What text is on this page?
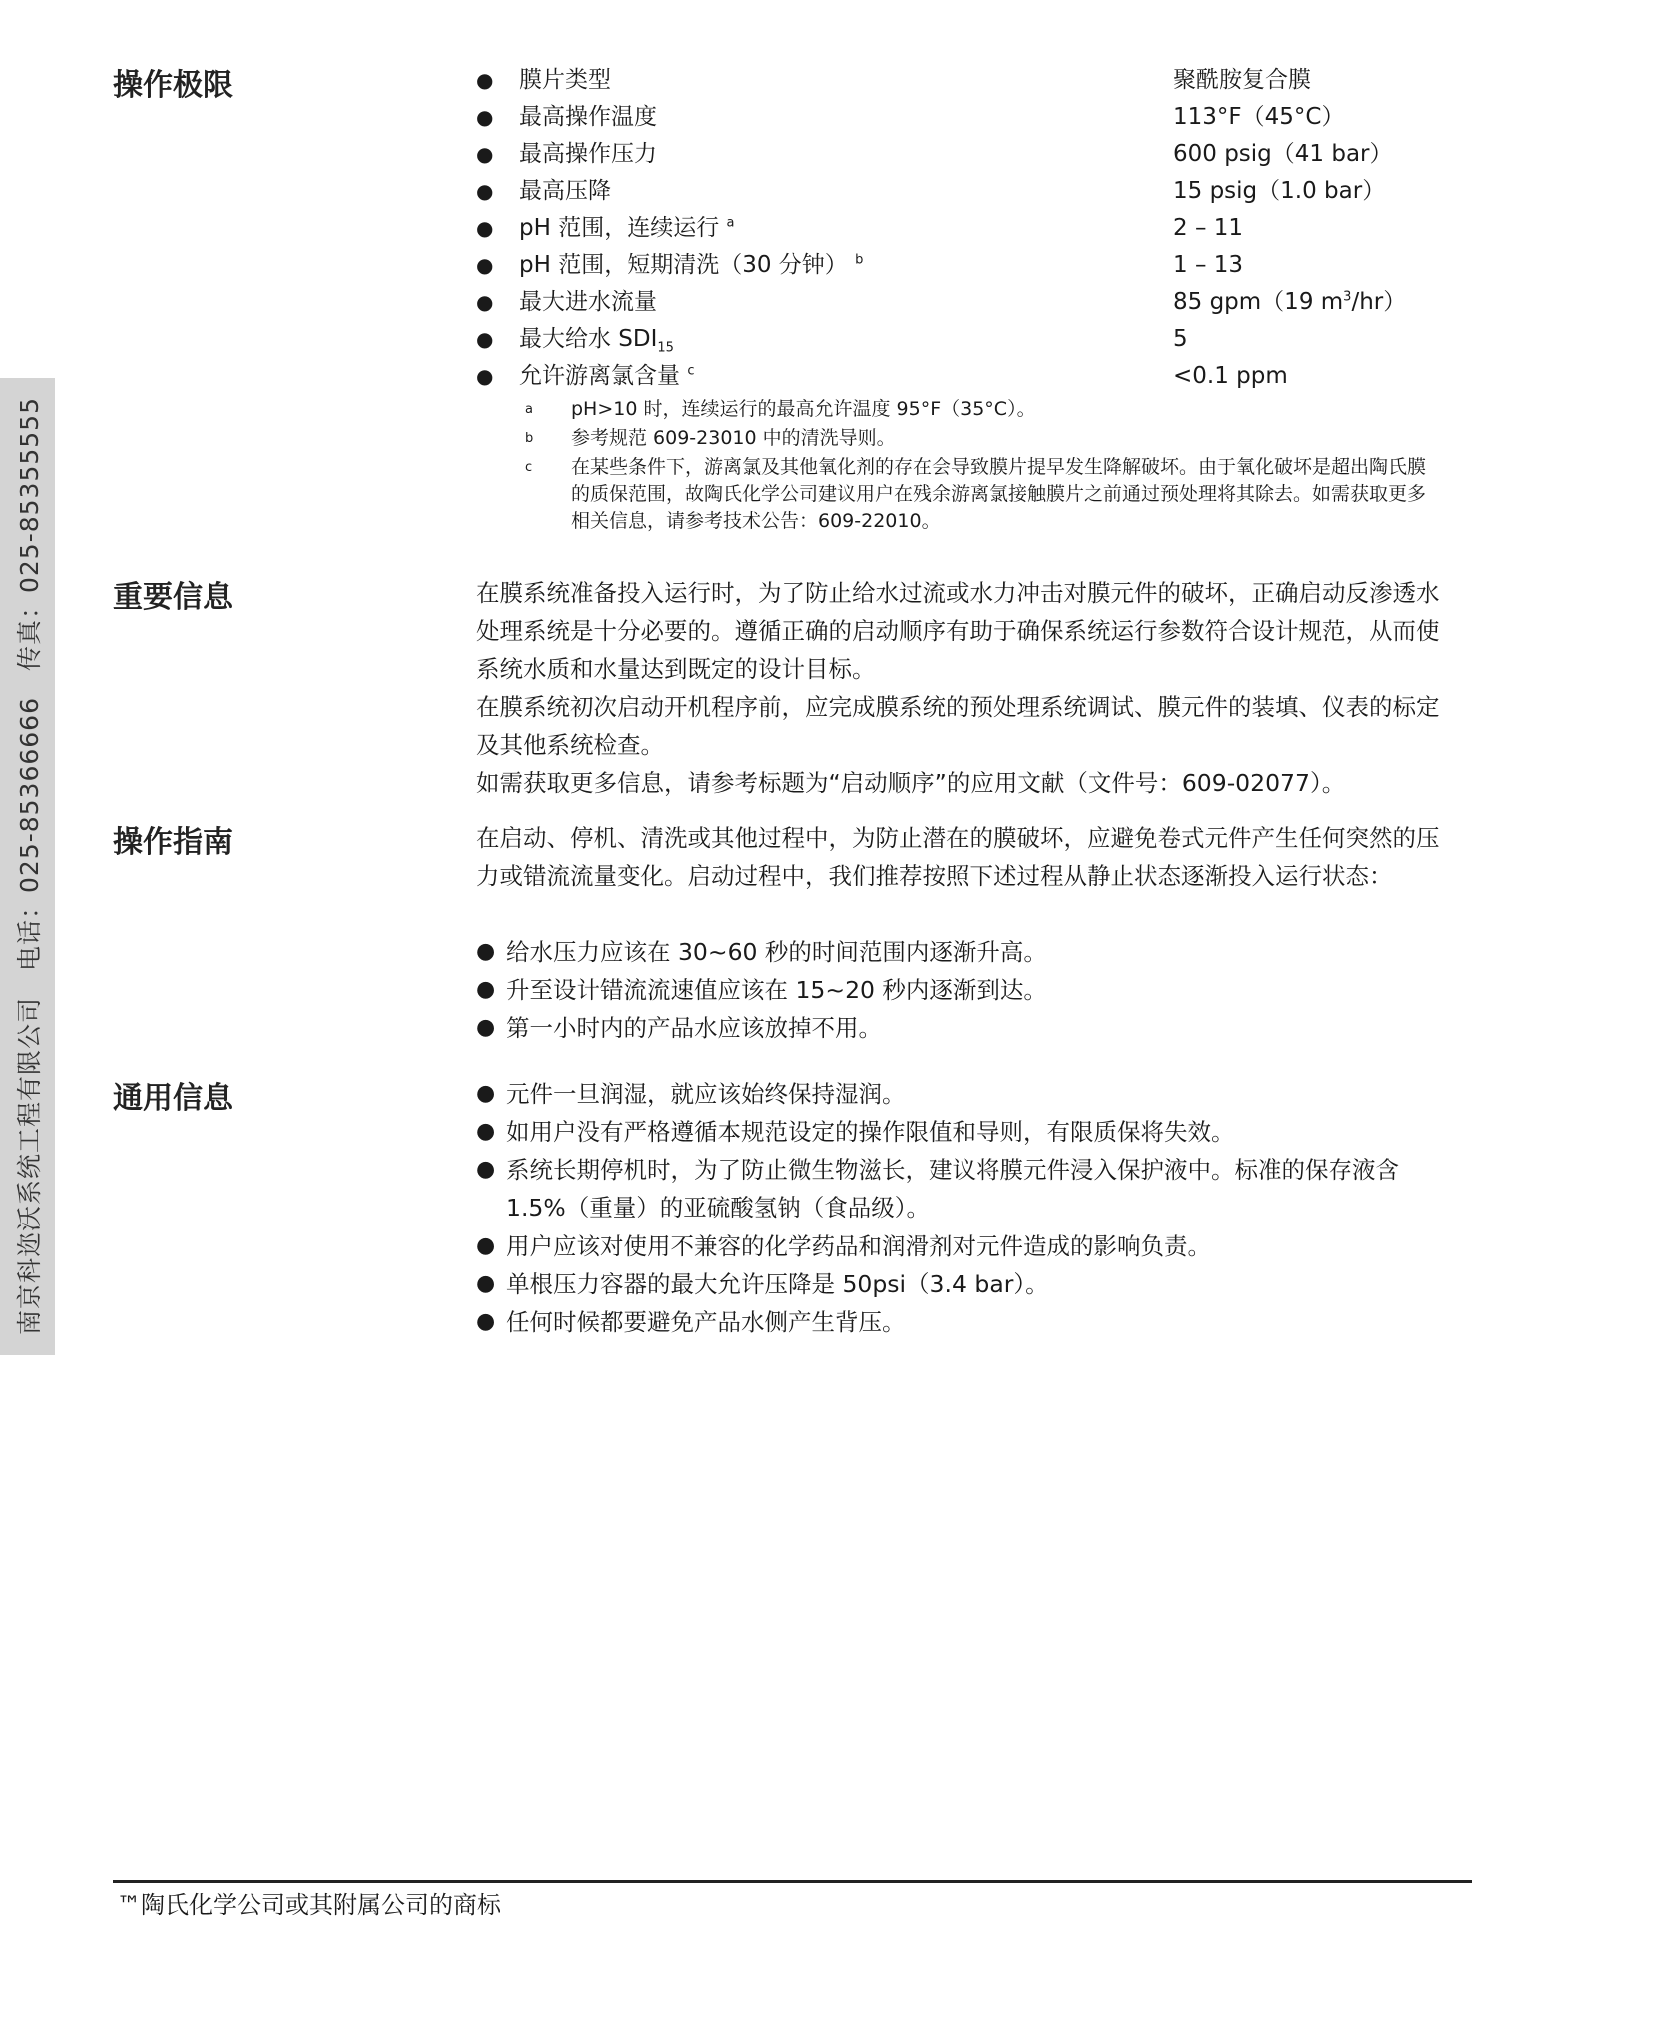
南京科迩沃系统工程有限公司　电话：025-85366666　传真：025-85355555
操作极限	● 膜片类型	聚酰胺复合膜
● 最高操作温度	113°F（45°C）
● 最高操作压力	600 psig（41 bar）
● 最高压降	15 psig（1.0 bar）
● pH 范围，连续运行 $^a$	2 – 11
● pH 范围，短期清洗（30 分钟） $^b$	1 – 13
● 最大进水流量	85 gpm（19 $m^3/hr$）
● 最大给水 $SDI_{15}$	5
● 允许游离氯含量 $^c$	<0.1 ppm
a pH>10 时，连续运行的最高允许温度 95°F（35°C）。
b 参考规范 609-23010 中的清洗导则。
c 在某些条件下，游离氯及其他氧化剂的存在会导致膜片提早发生降解破坏。由于氧化破坏是超出陶氏膜的质保范围，故陶氏化学公司建议用户在残余游离氯接触膜片之前通过预处理将其除去。如需获取更多相关信息，请参考技术公告：609-22010。
重要信息	在膜系统准备投入运行时，为了防止给水过流或水力冲击对膜元件的破坏，正确启动反渗透水处理系统是十分必要的。遵循正确的启动顺序有助于确保系统运行参数符合设计规范，从而使系统水质和水量达到既定的设计目标。

在膜系统初次启动开机程序前，应完成膜系统的预处理系统调试、膜元件的装填、仪表的标定及其他系统检查。

如需获取更多信息，请参考标题为“启动顺序”的应用文献（文件号：609-02077）。

操作指南	在启动、停机、清洗或其他过程中，为防止潜在的膜破坏，应避免卷式元件产生任何突然的压力或错流流量变化。启动过程中，我们推荐按照下述过程从静止状态逐渐投入运行状态：
● 给水压力应该在 30~60 秒的时间范围内逐渐升高。
● 升至设计错流流速值应该在 15~20 秒内逐渐到达。
● 第一小时内的产品水应该放掉不用。
通用信息	● 元件一旦润湿，就应该始终保持湿润。
● 如用户没有严格遵循本规范设定的操作限值和导则，有限质保将失效。
● 系统长期停机时，为了防止微生物滋长，建议将膜元件浸入保护液中。标准的保存液含 1.5%（重量）的亚硫酸氢钠（食品级）。
● 用户应该对使用不兼容的化学药品和润滑剂对元件造成的影响负责。
● 单根压力容器的最大允许压降是 50psi（3.4 bar）。
● 任何时候都要避免产品水侧产生背压。
™陶氏化学公司或其附属公司的商标
